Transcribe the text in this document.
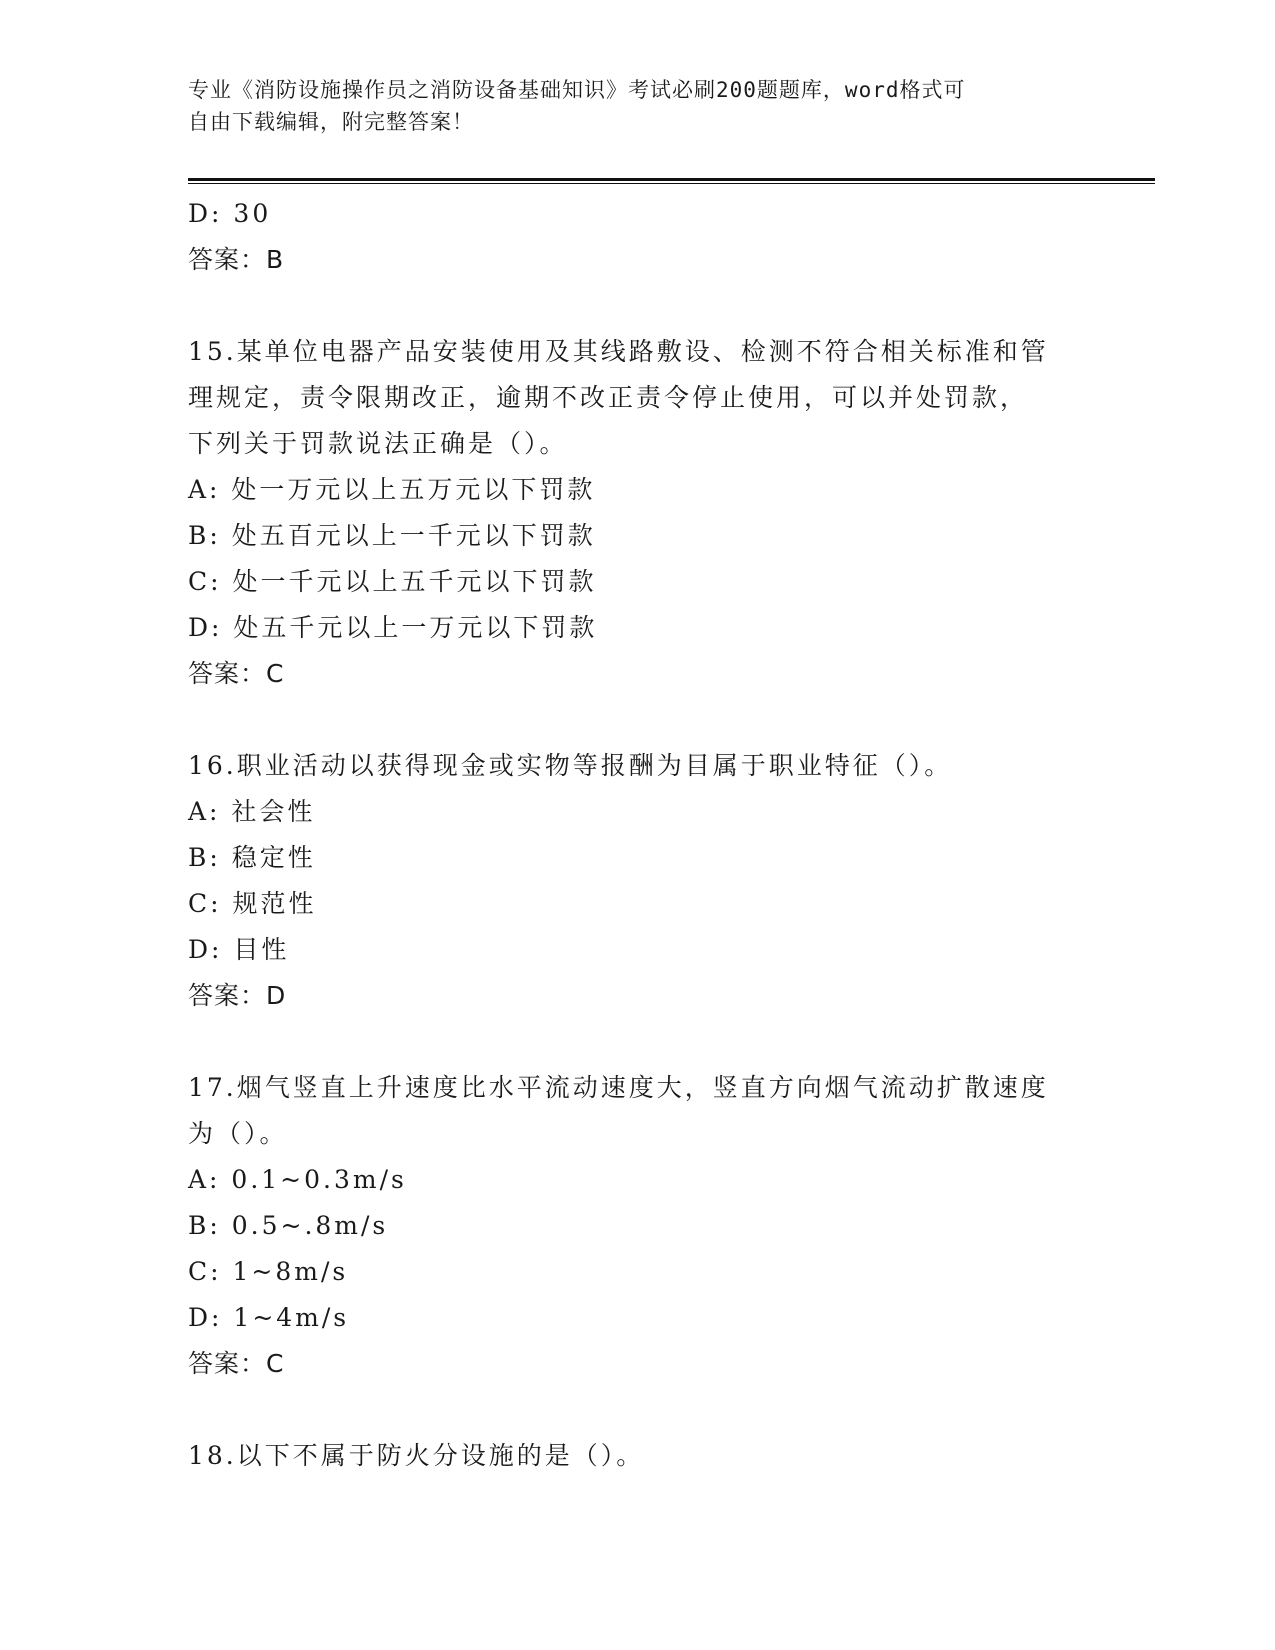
专业《消防设施操作员之消防设备基础知识》考试必刷200题题库，word格式可
自由下载编辑，附完整答案！
D: 30
答案：B
15.某单位电器产品安装使用及其线路敷设、检测不符合相关标准和管
理规定，责令限期改正，逾期不改正责令停止使用，可以并处罚款，
下列关于罚款说法正确是（）。
A: 处一万元以上五万元以下罚款
B: 处五百元以上一千元以下罚款
C: 处一千元以上五千元以下罚款
D: 处五千元以上一万元以下罚款
答案：C
16.职业活动以获得现金或实物等报酬为目属于职业特征（）。
A: 社会性
B: 稳定性
C: 规范性
D: 目性
答案：D
17.烟气竖直上升速度比水平流动速度大，竖直方向烟气流动扩散速度
为（）。
A: 0.1~0.3m/s
B: 0.5~.8m/s
C: 1~8m/s
D: 1~4m/s
答案：C
18.以下不属于防火分设施的是（）。
